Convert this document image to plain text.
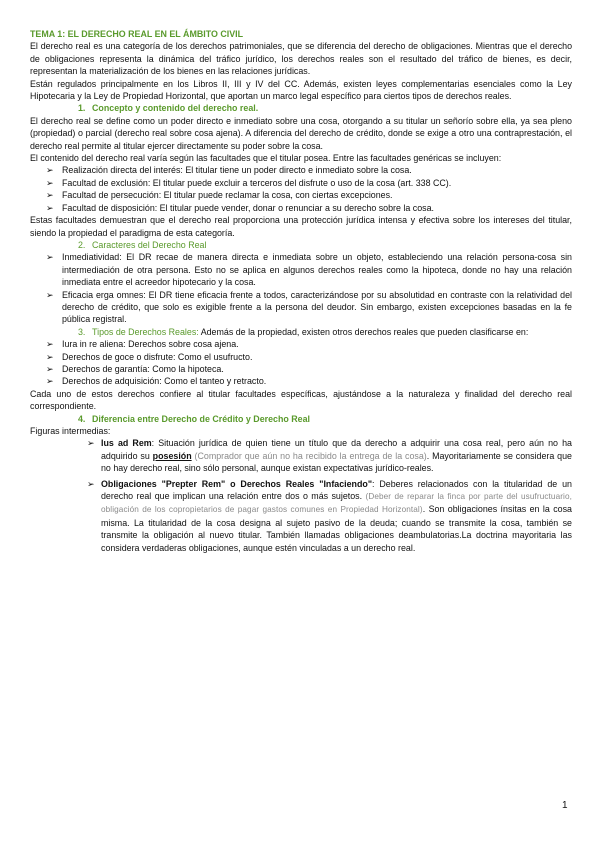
TEMA 1: EL DERECHO REAL EN EL ÁMBITO CIVIL
El derecho real es una categoría de los derechos patrimoniales, que se diferencia del derecho de obligaciones. Mientras que el derecho de obligaciones representa la dinámica del tráfico jurídico, los derechos reales son el resultado del tráfico de bienes, es decir, representan la materialización de los bienes en las relaciones jurídicas.
Están regulados principalmente en los Libros II, III y IV del CC. Además, existen leyes complementarias esenciales como la Ley Hipotecaria y la Ley de Propiedad Horizontal, que aportan un marco legal específico para ciertos tipos de derechos reales.
1. Concepto y contenido del derecho real.
El derecho real se define como un poder directo e inmediato sobre una cosa, otorgando a su titular un señorío sobre ella, ya sea pleno (propiedad) o parcial (derecho real sobre cosa ajena). A diferencia del derecho de crédito, donde se exige a otro una contraprestación, el derecho real permite al titular ejercer directamente su poder sobre la cosa.
El contenido del derecho real varía según las facultades que el titular posea. Entre las facultades genéricas se incluyen:
➢ Realización directa del interés: El titular tiene un poder directo e inmediato sobre la cosa.
➢ Facultad de exclusión: El titular puede excluir a terceros del disfrute o uso de la cosa (art. 338 CC).
➢ Facultad de persecución: El titular puede reclamar la cosa, con ciertas excepciones.
➢ Facultad de disposición: El titular puede vender, donar o renunciar a su derecho sobre la cosa.
Estas facultades demuestran que el derecho real proporciona una protección jurídica intensa y efectiva sobre los intereses del titular, siendo la propiedad el paradigma de esta categoría.
2. Caracteres del Derecho Real
➢ Inmediatividad: El DR recae de manera directa e inmediata sobre un objeto, estableciendo una relación persona-cosa sin intermediación de otra persona. Esto no se aplica en algunos derechos reales como la hipoteca, donde no hay una relación inmediata entre el acreedor hipotecario y la cosa.
➢ Eficacia erga omnes: El DR tiene eficacia frente a todos, caracterizándose por su absolutidad en contraste con la relatividad del derecho de crédito, que solo es exigible frente a la persona del deudor. Sin embargo, existen excepciones basadas en la fe pública registral.
3. Tipos de Derechos Reales: Además de la propiedad, existen otros derechos reales que pueden clasificarse en:
➢ Iura in re aliena: Derechos sobre cosa ajena.
➢ Derechos de goce o disfrute: Como el usufructo.
➢ Derechos de garantía: Como la hipoteca.
➢ Derechos de adquisición: Como el tanteo y retracto.
Cada uno de estos derechos confiere al titular facultades específicas, ajustándose a la naturaleza y finalidad del derecho real correspondiente.
4. Diferencia entre Derecho de Crédito y Derecho Real
Figuras intermedias:
➢ Ius ad Rem: Situación jurídica de quien tiene un título que da derecho a adquirir una cosa real, pero aún no ha adquirido su posesión (Comprador que aún no ha recibido la entrega de la cosa). Mayoritariamente se considera que no hay derecho real, sino sólo personal, aunque existan expectativas jurídico-reales.
➢ Obligaciones "Prepter Rem" o Derechos Reales "Infaciendo": Deberes relacionados con la titularidad de un derecho real que implican una relación entre dos o más sujetos. (Deber de reparar la finca por parte del usufructuario, obligación de los copropietarios de pagar gastos comunes en Propiedad Horizontal). Son obligaciones ínsitas en la cosa misma. La titularidad de la cosa designa al sujeto pasivo de la deuda; cuando se transmite la cosa, también se transmite la obligación al nuevo titular. También llamadas obligaciones deambulatorias.La doctrina mayoritaria las considera verdaderas obligaciones, aunque estén vinculadas a un derecho real.
1
